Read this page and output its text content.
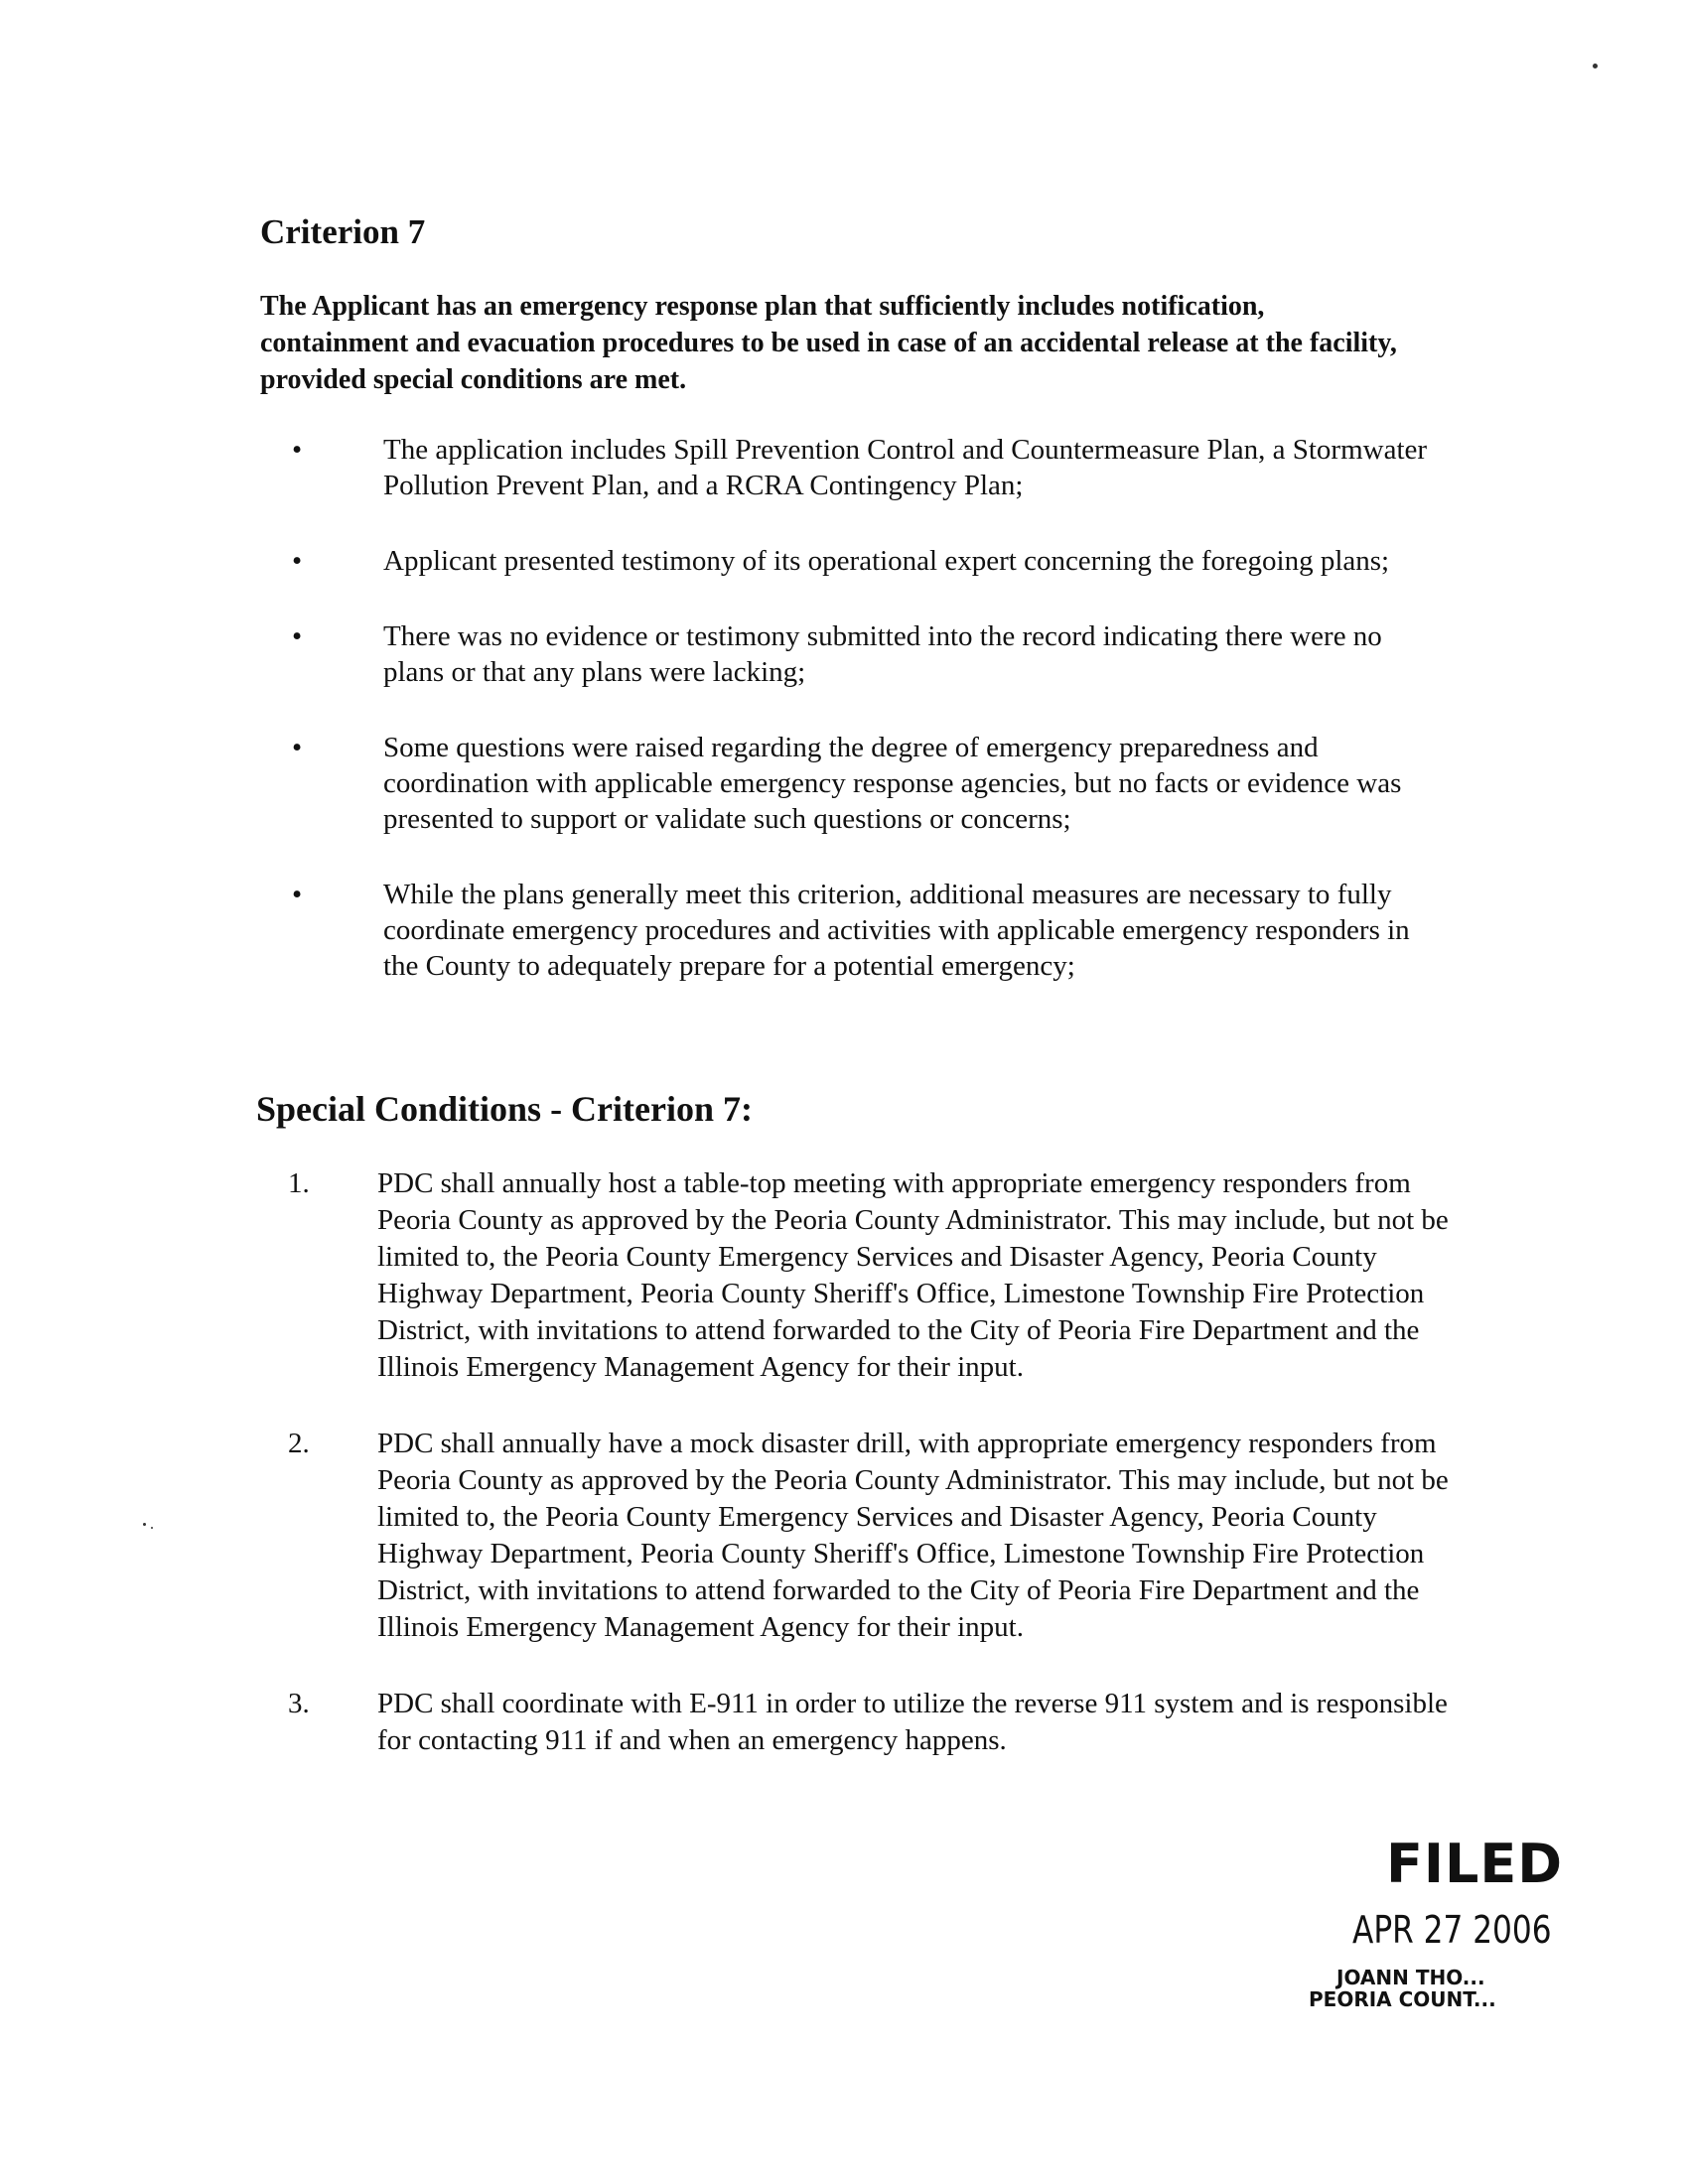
Criterion 7

The Applicant has an emergency response plan that sufficiently includes notification, containment and evacuation procedures to be used in case of an accidental release at the facility, provided special conditions are met.

•	The application includes Spill Prevention Control and Countermeasure Plan, a Stormwater Pollution Prevent Plan, and a RCRA Contingency Plan;
•	Applicant presented testimony of its operational expert concerning the foregoing plans;
•	There was no evidence or testimony submitted into the record indicating there were no plans or that any plans were lacking;
•	Some questions were raised regarding the degree of emergency preparedness and coordination with applicable emergency response agencies, but no facts or evidence was presented to support or validate such questions or concerns;
•	While the plans generally meet this criterion, additional measures are necessary to fully coordinate emergency procedures and activities with applicable emergency responders in the County to adequately prepare for a potential emergency;
Special Conditions - Criterion 7:
1. PDC shall annually host a table-top meeting with appropriate emergency responders from Peoria County as approved by the Peoria County Administrator. This may include, but not be limited to, the Peoria County Emergency Services and Disaster Agency, Peoria County Highway Department, Peoria County Sheriff's Office, Limestone Township Fire Protection District, with invitations to attend forwarded to the City of Peoria Fire Department and the Illinois Emergency Management Agency for their input.
2. PDC shall annually have a mock disaster drill, with appropriate emergency responders from Peoria County as approved by the Peoria County Administrator. This may include, but not be limited to, the Peoria County Emergency Services and Disaster Agency, Peoria County Highway Department, Peoria County Sheriff's Office, Limestone Township Fire Protection District, with invitations to attend forwarded to the City of Peoria Fire Department and the Illinois Emergency Management Agency for their input.
3. PDC shall coordinate with E-911 in order to utilize the reverse 911 system and is responsible for contacting 911 if and when an emergency happens.
FILED
APR 27 2006
JOANN THO...
PEORIA COUNT...
